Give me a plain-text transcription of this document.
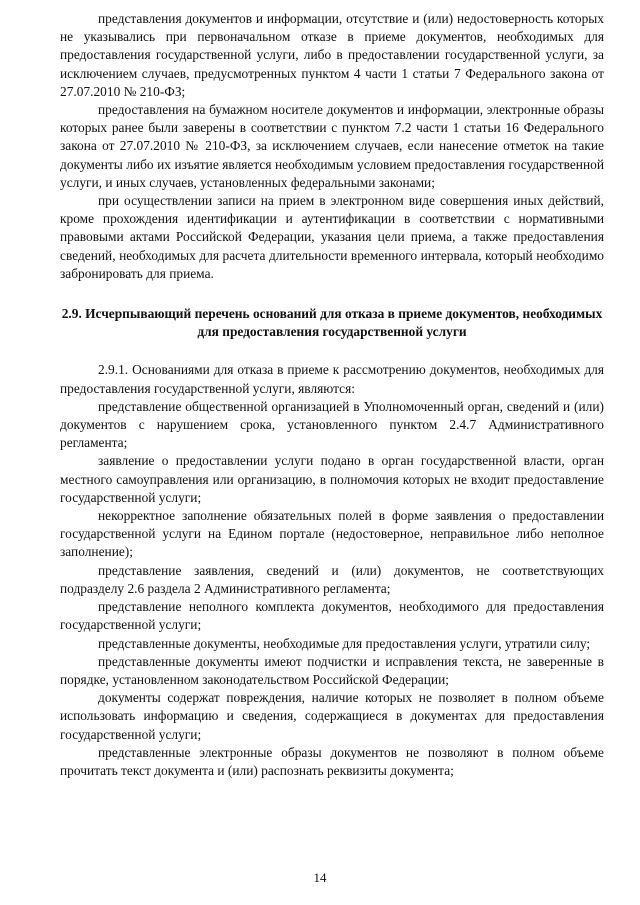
представления документов и информации, отсутствие и (или) недостоверность которых не указывались при первоначальном отказе в приеме документов, необходимых для предоставления государственной услуги, либо в предоставлении государственной услуги, за исключением случаев, предусмотренных пунктом 4 части 1 статьи 7 Федерального закона от 27.07.2010 № 210-ФЗ;

предоставления на бумажном носителе документов и информации, электронные образы которых ранее были заверены в соответствии с пунктом 7.2 части 1 статьи 16 Федерального закона от 27.07.2010 № 210-ФЗ, за исключением случаев, если нанесение отметок на такие документы либо их изъятие является необходимым условием предоставления государственной услуги, и иных случаев, установленных федеральными законами;

при осуществлении записи на прием в электронном виде совершения иных действий, кроме прохождения идентификации и аутентификации в соответствии с нормативными правовыми актами Российской Федерации, указания цели приема, а также предоставления сведений, необходимых для расчета длительности временного интервала, который необходимо забронировать для приема.

2.9. Исчерпывающий перечень оснований для отказа в приеме документов, необходимых для предоставления государственной услуги

2.9.1. Основаниями для отказа в приеме к рассмотрению документов, необходимых для предоставления государственной услуги, являются:

представление общественной организацией в Уполномоченный орган, сведений и (или) документов с нарушением срока, установленного пунктом 2.4.7 Административного регламента;

заявление о предоставлении услуги подано в орган государственной власти, орган местного самоуправления или организацию, в полномочия которых не входит предоставление государственной услуги;

некорректное заполнение обязательных полей в форме заявления о предоставлении государственной услуги на Едином портале (недостоверное, неправильное либо неполное заполнение);

представление заявления, сведений и (или) документов, не соответствующих подразделу 2.6 раздела 2 Административного регламента;

представление неполного комплекта документов, необходимого для предоставления государственной услуги;

представленные документы, необходимые для предоставления услуги, утратили силу;

представленные документы имеют подчистки и исправления текста, не заверенные в порядке, установленном законодательством Российской Федерации;

документы содержат повреждения, наличие которых не позволяет в полном объеме использовать информацию и сведения, содержащиеся в документах для предоставления государственной услуги;

представленные электронные образы документов не позволяют в полном объеме прочитать текст документа и (или) распознать реквизиты документа;

14
